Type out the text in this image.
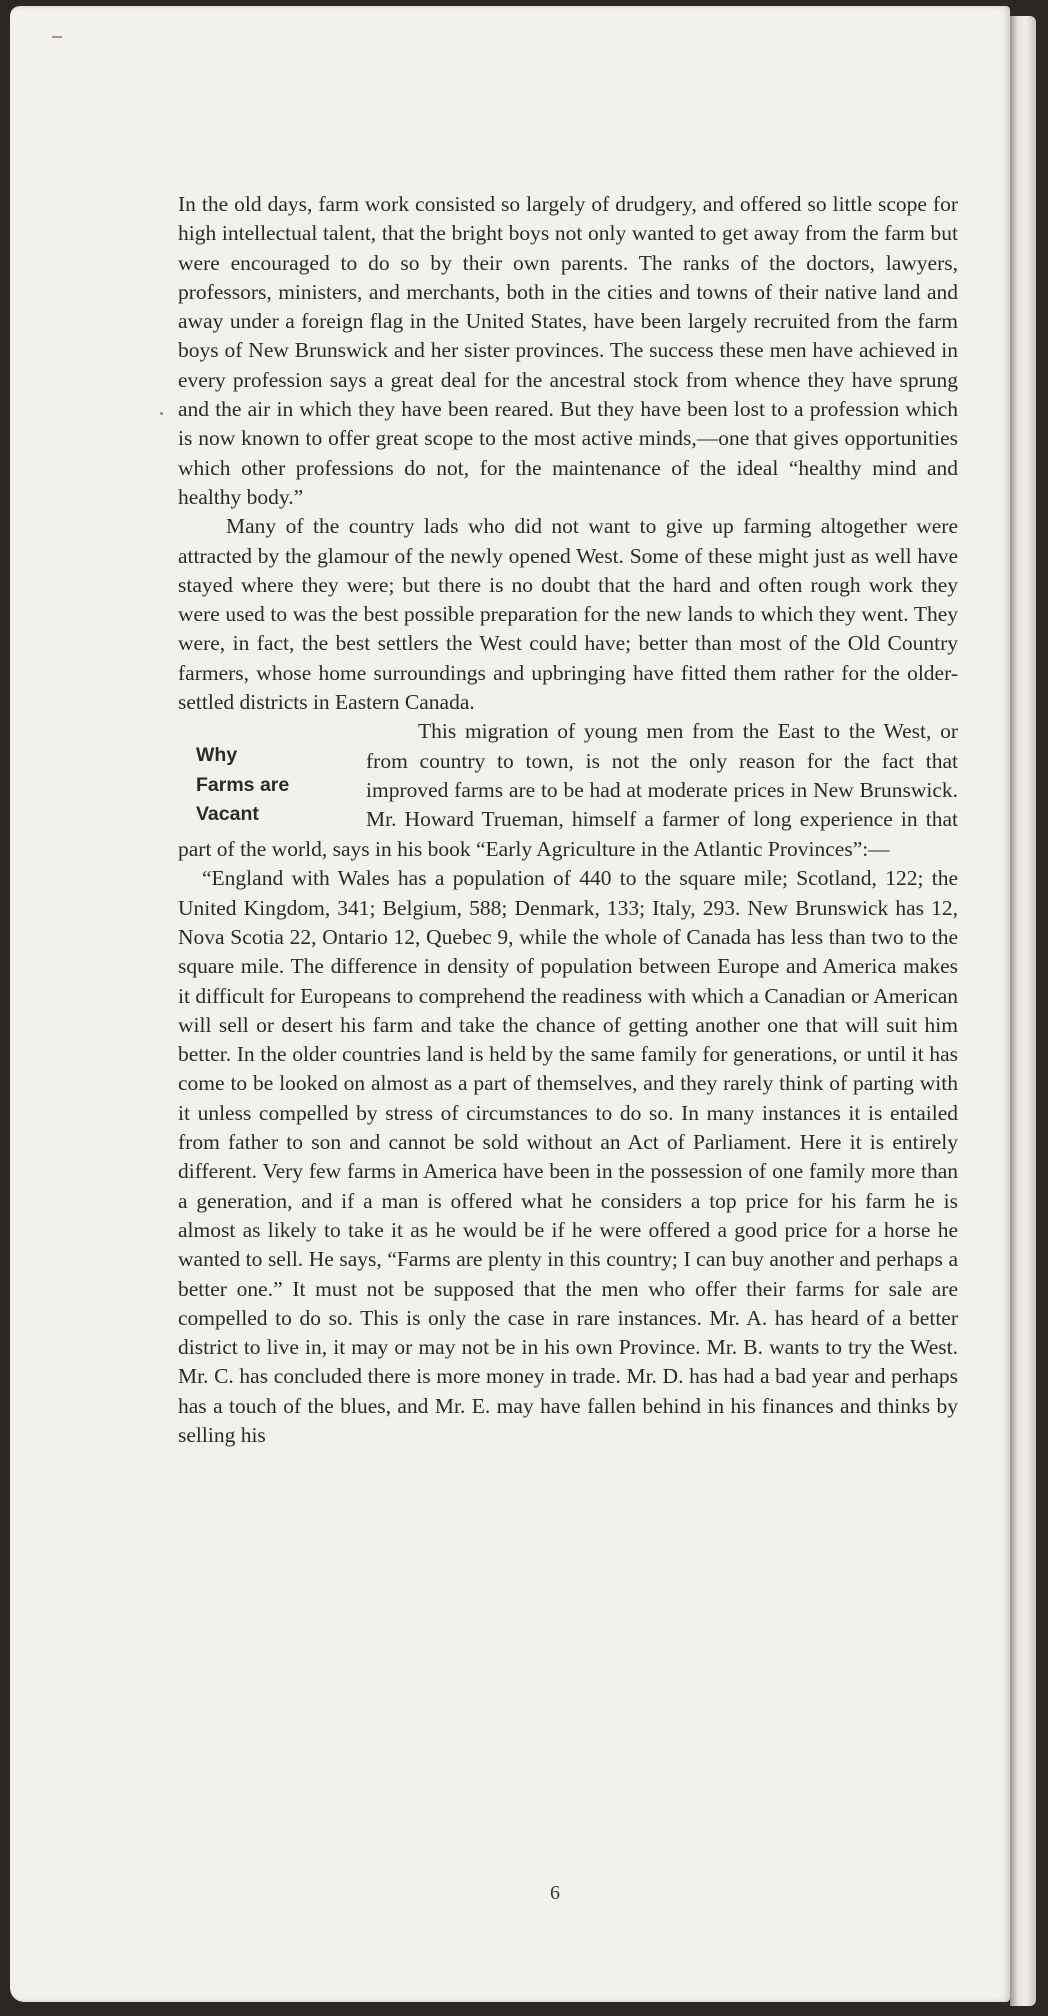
In the old days, farm work consisted so largely of drudgery, and offered so little scope for high intellectual talent, that the bright boys not only wanted to get away from the farm but were encouraged to do so by their own parents. The ranks of the doctors, lawyers, professors, ministers, and merchants, both in the cities and towns of their native land and away under a foreign flag in the United States, have been largely recruited from the farm boys of New Brunswick and her sister provinces. The success these men have achieved in every profession says a great deal for the ancestral stock from whence they have sprung and the air in which they have been reared. But they have been lost to a profession which is now known to offer great scope to the most active minds,—one that gives opportunities which other professions do not, for the maintenance of the ideal “healthy mind and healthy body.”

Many of the country lads who did not want to give up farming altogether were attracted by the glamour of the newly opened West. Some of these might just as well have stayed where they were; but there is no doubt that the hard and often rough work they were used to was the best possible preparation for the new lands to which they went. They were, in fact, the best settlers the West could have; better than most of the Old Country farmers, whose home surroundings and upbringing have fitted them rather for the older-settled districts in Eastern Canada.

Why
Farms are
Vacant

This migration of young men from the East to the West, or from country to town, is not the only reason for the fact that improved farms are to be had at moderate prices in New Brunswick. Mr. Howard Trueman, himself a farmer of long experience in that part of the world, says in his book “Early Agriculture in the Atlantic Provinces”:—

“England with Wales has a population of 440 to the square mile; Scotland, 122; the United Kingdom, 341; Belgium, 588; Denmark, 133; Italy, 293. New Brunswick has 12, Nova Scotia 22, Ontario 12, Quebec 9, while the whole of Canada has less than two to the square mile. The difference in density of population between Europe and America makes it difficult for Europeans to comprehend the readiness with which a Canadian or American will sell or desert his farm and take the chance of getting another one that will suit him better. In the older countries land is held by the same family for generations, or until it has come to be looked on almost as a part of themselves, and they rarely think of parting with it unless compelled by stress of circumstances to do so. In many instances it is entailed from father to son and cannot be sold without an Act of Parliament. Here it is entirely different. Very few farms in America have been in the possession of one family more than a generation, and if a man is offered what he considers a top price for his farm he is almost as likely to take it as he would be if he were offered a good price for a horse he wanted to sell. He says, “Farms are plenty in this country; I can buy another and perhaps a better one.” It must not be supposed that the men who offer their farms for sale are compelled to do so. This is only the case in rare instances. Mr. A. has heard of a better district to live in, it may or may not be in his own Province. Mr. B. wants to try the West. Mr. C. has concluded there is more money in trade. Mr. D. has had a bad year and perhaps has a touch of the blues, and Mr. E. may have fallen behind in his finances and thinks by selling his

6
